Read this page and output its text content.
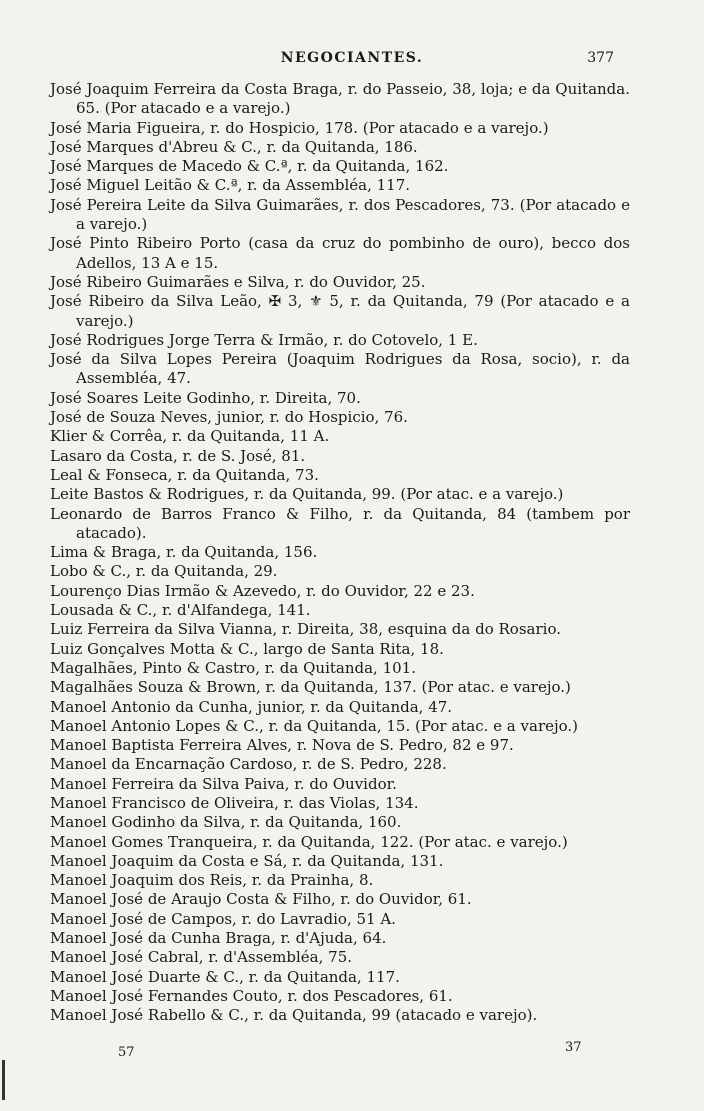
NEGOCIANTES.	377
José Joaquim Ferreira da Costa Braga, r. do Passeio, 38, loja; e da Quitanda. 65. (Por atacado e a varejo.)
José Maria Figueira, r. do Hospicio, 178. (Por atacado e a varejo.)
José Marques d'Abreu & C., r. da Quitanda, 186.
José Marques de Macedo & C.ª, r. da Quitanda, 162.
José Miguel Leitão & C.ª, r. da Assembléa, 117.
José Pereira Leite da Silva Guimarães, r. dos Pescadores, 73. (Por atacado e a varejo.)
José Pinto Ribeiro Porto (casa da cruz do pombinho de ouro), becco dos Adellos, 13 A e 15.
José Ribeiro Guimarães e Silva, r. do Ouvidor, 25.
José Ribeiro da Silva Leão, ✠ 3, ⚜ 5, r. da Quitanda, 79 (Por atacado e a varejo.)
José Rodrigues Jorge Terra & Irmão, r. do Cotovelo, 1 E.
José da Silva Lopes Pereira (Joaquim Rodrigues da Rosa, socio), r. da Assembléa, 47.
José Soares Leite Godinho, r. Direita, 70.
José de Souza Neves, junior, r. do Hospicio, 76.
Klier & Corrêa, r. da Quitanda, 11 A.
Lasaro da Costa, r. de S. José, 81.
Leal & Fonseca, r. da Quitanda, 73.
Leite Bastos & Rodrigues, r. da Quitanda, 99. (Por atac. e a varejo.)
Leonardo de Barros Franco & Filho, r. da Quitanda, 84 (tambem por atacado).
Lima & Braga, r. da Quitanda, 156.
Lobo & C., r. da Quitanda, 29.
Lourenço Dias Irmão & Azevedo, r. do Ouvidor, 22 e 23.
Lousada & C., r. d'Alfandega, 141.
Luiz Ferreira da Silva Vianna, r. Direita, 38, esquina da do Rosario.
Luiz Gonçalves Motta & C., largo de Santa Rita, 18.
Magalhães, Pinto & Castro, r. da Quitanda, 101.
Magalhães Souza & Brown, r. da Quitanda, 137. (Por atac. e varejo.)
Manoel Antonio da Cunha, junior, r. da Quitanda, 47.
Manoel Antonio Lopes & C., r. da Quitanda, 15. (Por atac. e a varejo.)
Manoel Baptista Ferreira Alves, r. Nova de S. Pedro, 82 e 97.
Manoel da Encarnação Cardoso, r. de S. Pedro, 228.
Manoel Ferreira da Silva Paiva, r. do Ouvidor.
Manoel Francisco de Oliveira, r. das Violas, 134.
Manoel Godinho da Silva, r. da Quitanda, 160.
Manoel Gomes Tranqueira, r. da Quitanda, 122. (Por atac. e varejo.)
Manoel Joaquim da Costa e Sá, r. da Quitanda, 131.
Manoel Joaquim dos Reis, r. da Prainha, 8.
Manoel José de Araujo Costa & Filho, r. do Ouvidor, 61.
Manoel José de Campos, r. do Lavradio, 51 A.
Manoel José da Cunha Braga, r. d'Ajuda, 64.
Manoel José Cabral, r. d'Assembléa, 75.
Manoel José Duarte & C., r. da Quitanda, 117.
Manoel José Fernandes Couto, r. dos Pescadores, 61.
Manoel José Rabello & C., r. da Quitanda, 99 (atacado e varejo).
57	37
